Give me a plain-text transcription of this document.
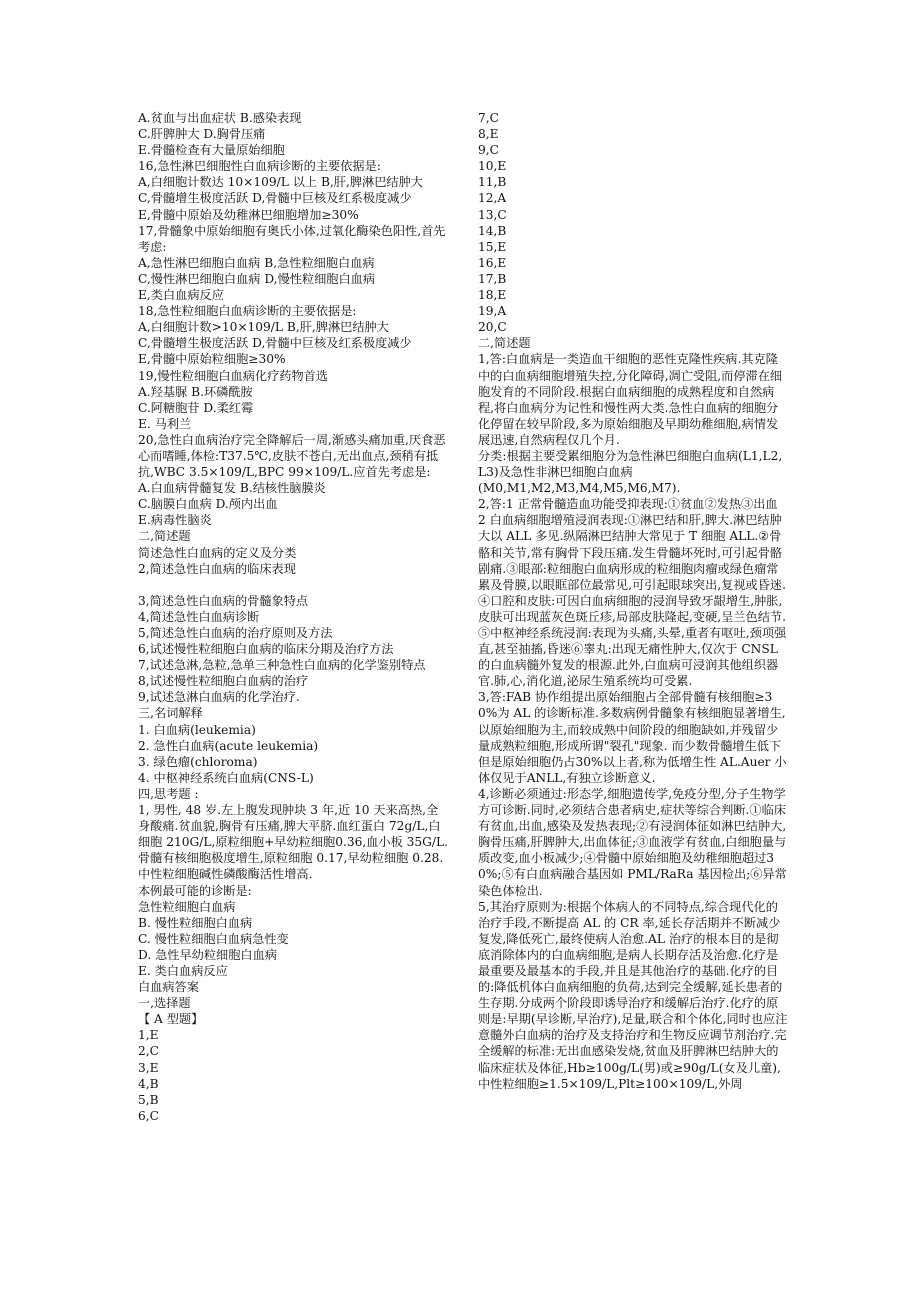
A.贫血与出血症状 B.感染表现
C.肝脾肿大 D.胸骨压痛
E.骨髓检查有大量原始细胞
16,急性淋巴细胞性白血病诊断的主要依据是:
A,白细胞计数达 10×109/L 以上 B,肝,脾淋巴结肿大
C,骨髓增生极度活跃 D,骨髓中巨核及红系极度减少
E,骨髓中原始及幼稚淋巴细胞增加≥30%
17,骨髓象中原始细胞有奥氏小体,过氧化酶染色阳性,首先考虑:
A,急性淋巴细胞白血病 B,急性粒细胞白血病
C,慢性淋巴细胞白血病 D,慢性粒细胞白血病
E,类白血病反应
18,急性粒细胞白血病诊断的主要依据是:
A,白细胞计数>10×109/L B,肝,脾淋巴结肿大
C,骨髓增生极度活跃 D,骨髓中巨核及红系极度减少
E,骨髓中原始粒细胞≥30%
19,慢性粒细胞白血病化疗药物首选
A.羟基脲 B.环磷酰胺
C.阿糖胞苷 D.柔红霉
E. 马利兰
20,急性白血病治疗完全降解后一周,渐感头痛加重,厌食恶心而嗜睡,体检:T37.5℃,皮肤不苍白,无出血点,颈稍有抵抗,WBC 3.5×109/L,BPC 99×109/L.应首先考虑是:
A.白血病骨髓复发 B.结核性脑膜炎
C.脑膜白血病 D.颅内出血
E.病毒性脑炎
二,简述题
简述急性白血病的定义及分类
2,简述急性白血病的临床表现
3,简述急性白血病的骨髓象特点
4,简述急性白血病诊断
5,简述急性白血病的治疗原则及方法
6,试述慢性粒细胞白血病的临床分期及治疗方法
7,试述急淋,急粒,急单三种急性白血病的化学鉴别特点
8,试述慢性粒细胞白血病的治疗
9,试述急淋白血病的化学治疗.
三,名词解释
1. 白血病(leukemia)
2. 急性白血病(acute leukemia)
3. 绿色瘤(chloroma)
4. 中枢神经系统白血病(CNS-L)
四,思考题 :
1, 男性, 48 岁.左上腹发现肿块 3 年,近 10 天来高热,全身酸痛.贫血貌,胸骨有压痛,脾大平脐.血红蛋白 72g/L,白细胞 210G/L,原粒细胞+早幼粒细胞0.36,血小板 35G/L.骨髓有核细胞极度增生,原粒细胞 0.17,早幼粒细胞 0.28.中性粒细胞碱性磷酸酶活性增高.
本例最可能的诊断是:
急性粒细胞白血病
B. 慢性粒细胞白血病
C. 慢性粒细胞白血病急性变
D. 急性早幼粒细胞白血病
E. 类白血病反应
白血病答案
一,选择题
【 A 型题】
1,E
2,C
3,E
4,B
5,B
6,C
7,C
8,E
9,C
10,E
11,B
12,A
13,C
14,B
15,E
16,E
17,B
18,E
19,A
20,C
二,简述题
1,答:白血病是一类造血干细胞的恶性克隆性疾病.其克隆中的白血病细胞增殖失控,分化障碍,凋亡受阻,而停滞在细胞发育的不同阶段.根据白血病细胞的成熟程度和自然病程,将白血病分为记性和慢性两大类.急性白血病的细胞分化停留在较早阶段,多为原始细胞及早期幼稚细胞,病情发展迅速,自然病程仅几个月.
分类:根据主要受累细胞分为急性淋巴细胞白血病(L1,L2,L3)及急性非淋巴细胞白血病
(M0,M1,M2,M3,M4,M5,M6,M7).
2,答:1 正常骨髓造血功能受抑表现:①贫血②发热③出血
2 白血病细胞增殖浸润表现:①淋巴结和肝,脾大.淋巴结肿大以 ALL 多见.纵隔淋巴结肿大常见于 T 细胞 ALL.②骨骼和关节,常有胸骨下段压痛.发生骨髓坏死时,可引起骨骼剧痛.③眼部:粒细胞白血病形成的粒细胞肉瘤或绿色瘤常累及骨膜,以眼眶部位最常见,可引起眼球突出,复视或昏迷.④口腔和皮肤:可因白血病细胞的浸润导致牙龈增生,肿胀,皮肤可出现蓝灰色斑丘疹,局部皮肤隆起,变硬,呈兰色结节.⑤中枢神经系统浸润:表现为头痛,头晕,重者有呕吐,颈项强直,甚至抽搐,昏迷⑥睾丸:出现无痛性肿大,仅次于 CNSL 的白血病髓外复发的根源.此外,白血病可浸润其他组织器官.肺,心,消化道,泌尿生殖系统均可受累.
3,答:FAB 协作组提出原始细胞占全部骨髓有核细胞≥30%为 AL 的诊断标准.多数病例骨髓象有核细胞显著增生,以原始细胞为主,而较成熟中间阶段的细胞缺如,并残留少量成熟粒细胞,形成所谓"裂孔"现象. 而少数骨髓增生低下但是原始细胞仍占30%以上者,称为低增生性 AL.Auer 小体仅见于ANLL,有独立诊断意义.
4,诊断必须通过:形态学,细胞遗传学,免疫分型,分子生物学方可诊断.同时,必须结合患者病史,症状等综合判断.①临床有贫血,出血,感染及发热表现;②有浸润体征如淋巴结肿大,胸骨压痛,肝脾肿大,出血体征;③血液学有贫血,白细胞量与质改变,血小板减少;④骨髓中原始细胞及幼稚细胞超过30%;⑤有白血病融合基因如 PML/RaRa 基因检出;⑥异常染色体检出.
5,其治疗原则为:根据个体病人的不同特点,综合现代化的治疗手段,不断提高 AL 的 CR 率,延长存活期并不断减少复发,降低死亡,最终使病人治愈.AL 治疗的根本目的是彻底消除体内的白血病细胞,是病人长期存活及治愈.化疗是最重要及最基本的手段,并且是其他治疗的基础.化疗的目的:降低机体白血病细胞的负荷,达到完全缓解,延长患者的生存期.分成两个阶段即诱导治疗和缓解后治疗.化疗的原则是:早期(早诊断,早治疗),足量,联合和个体化,同时也应注意髓外白血病的治疗及支持治疗和生物反应调节剂治疗.完全缓解的标准:无出血感染发烧,贫血及肝脾淋巴结肿大的临床症状及体征,Hb≥100g/L(男)或≥90g/L(女及儿童),中性粒细胞≥1.5×109/L,Plt≥100×109/L,外周
